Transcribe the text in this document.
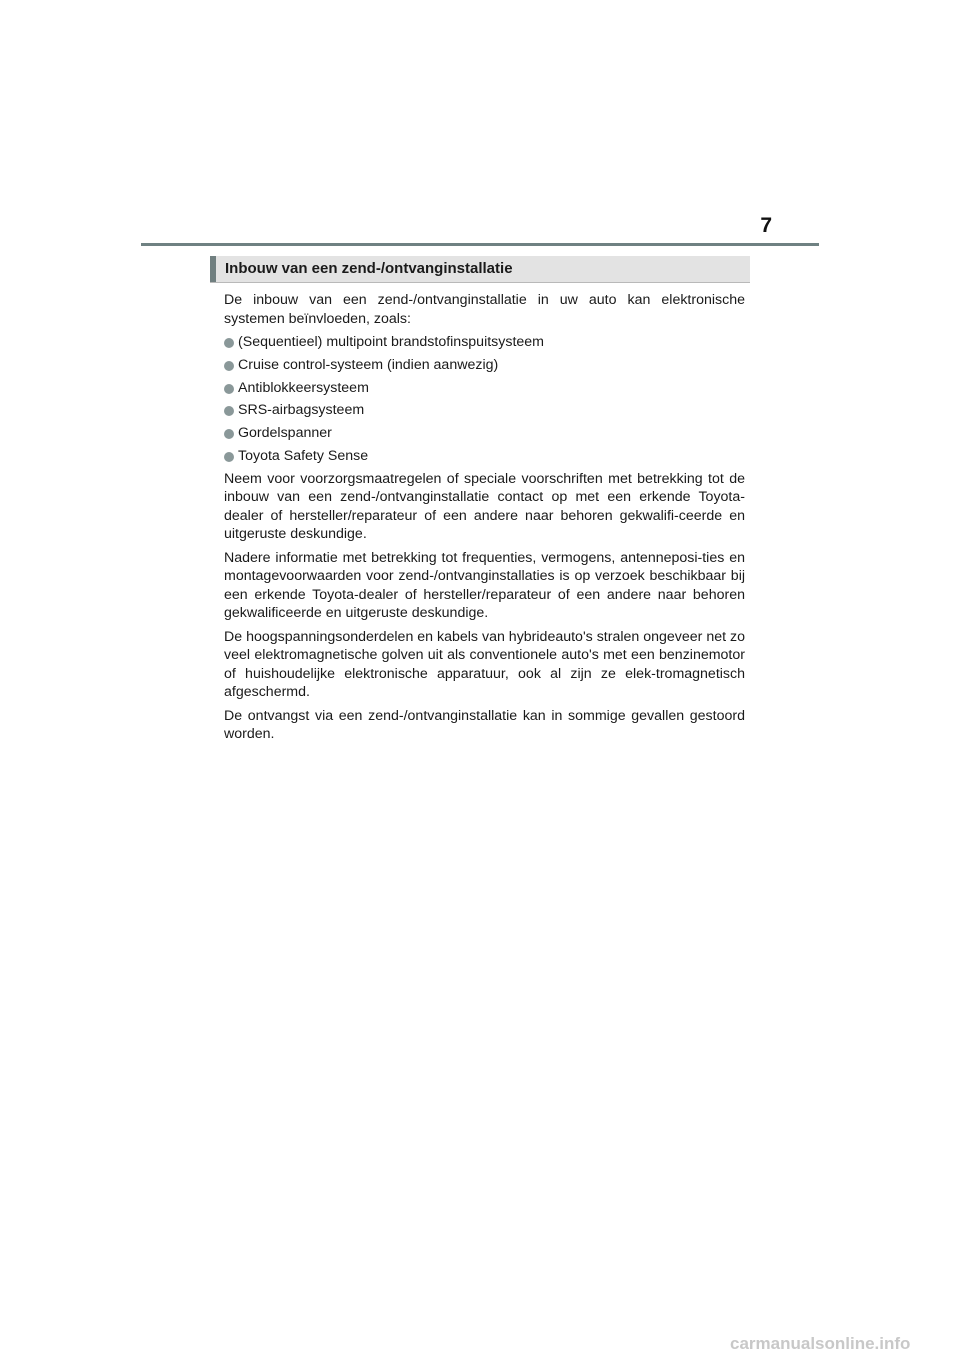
7
Inbouw van een zend-/ontvanginstallatie

De inbouw van een zend-/ontvanginstallatie in uw auto kan elektronische systemen beïnvloeden, zoals:

(Sequentieel) multipoint brandstofinspuitsysteem
Cruise control-systeem (indien aanwezig)
Antiblokkeersysteem
SRS-airbagsysteem
Gordelspanner
Toyota Safety Sense

Neem voor voorzorgsmaatregelen of speciale voorschriften met betrekking tot de inbouw van een zend-/ontvanginstallatie contact op met een erkende Toyota-dealer of hersteller/reparateur of een andere naar behoren gekwalifi-ceerde en uitgeruste deskundige.

Nadere informatie met betrekking tot frequenties, vermogens, antenneposi-ties en montagevoorwaarden voor zend-/ontvanginstallaties is op verzoek beschikbaar bij een erkende Toyota-dealer of hersteller/reparateur of een andere naar behoren gekwalificeerde en uitgeruste deskundige.

De hoogspanningsonderdelen en kabels van hybrideauto's stralen ongeveer net zo veel elektromagnetische golven uit als conventionele auto's met een benzinemotor of huishoudelijke elektronische apparatuur, ook al zijn ze elek-tromagnetisch afgeschermd.

De ontvangst via een zend-/ontvanginstallatie kan in sommige gevallen gestoord worden.

carmanualsonline.info
